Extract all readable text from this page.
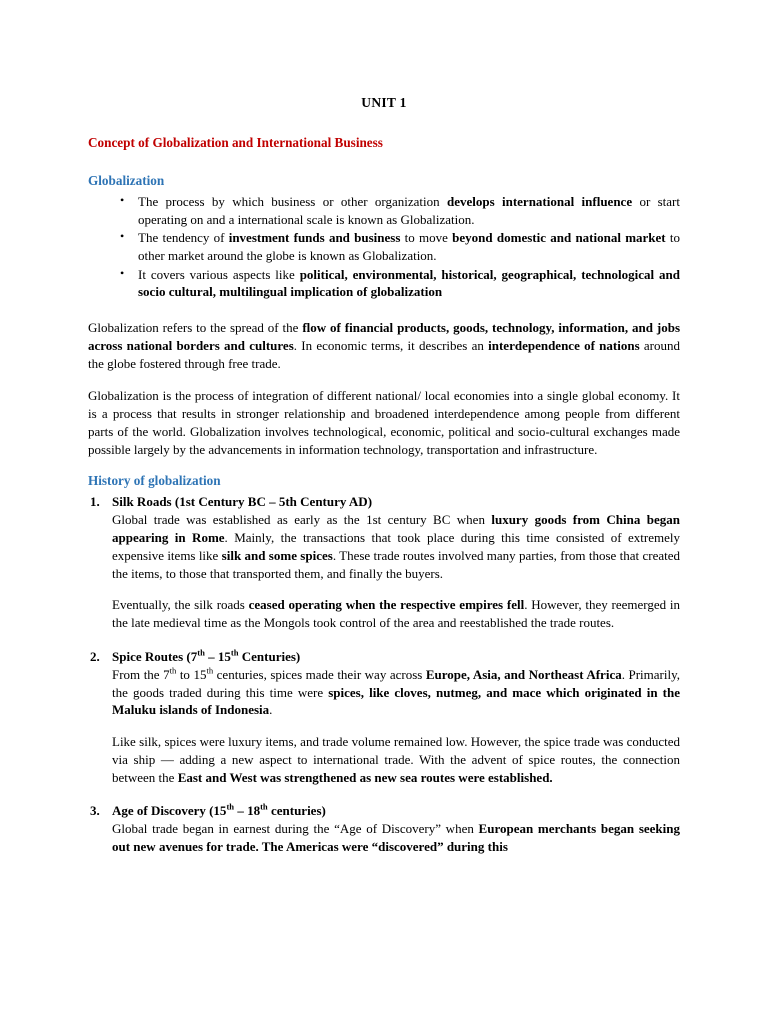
UNIT 1
Concept of Globalization and International Business
Globalization
• The process by which business or other organization develops international influence or start operating on and a international scale is known as Globalization.
• The tendency of investment funds and business to move beyond domestic and national market to other market around the globe is known as Globalization.
• It covers various aspects like political, environmental, historical, geographical, technological and socio cultural, multilingual implication of globalization

Globalization refers to the spread of the flow of financial products, goods, technology, information, and jobs across national borders and cultures. In economic terms, it describes an interdependence of nations around the globe fostered through free trade.

Globalization is the process of integration of different national/ local economies into a single global economy. It is a process that results in stronger relationship and broadened interdependence among people from different parts of the world. Globalization involves technological, economic, political and socio-cultural exchanges made possible largely by the advancements in information technology, transportation and infrastructure.

History of globalization
1. Silk Roads (1st Century BC – 5th Century AD)

Global trade was established as early as the 1st century BC when luxury goods from China began appearing in Rome. Mainly, the transactions that took place during this time consisted of extremely expensive items like silk and some spices. These trade routes involved many parties, from those that created the items, to those that transported them, and finally the buyers.

Eventually, the silk roads ceased operating when the respective empires fell. However, they reemerged in the late medieval time as the Mongols took control of the area and reestablished the trade routes.

2. Spice Routes (7th – 15th Centuries)

From the 7th to 15th centuries, spices made their way across Europe, Asia, and Northeast Africa. Primarily, the goods traded during this time were spices, like cloves, nutmeg, and mace which originated in the Maluku islands of Indonesia.

Like silk, spices were luxury items, and trade volume remained low. However, the spice trade was conducted via ship — adding a new aspect to international trade. With the advent of spice routes, the connection between the East and West was strengthened as new sea routes were established.

3. Age of Discovery (15th – 18th centuries)

Global trade began in earnest during the “Age of Discovery” when European merchants began seeking out new avenues for trade. The Americas were “discovered” during this
